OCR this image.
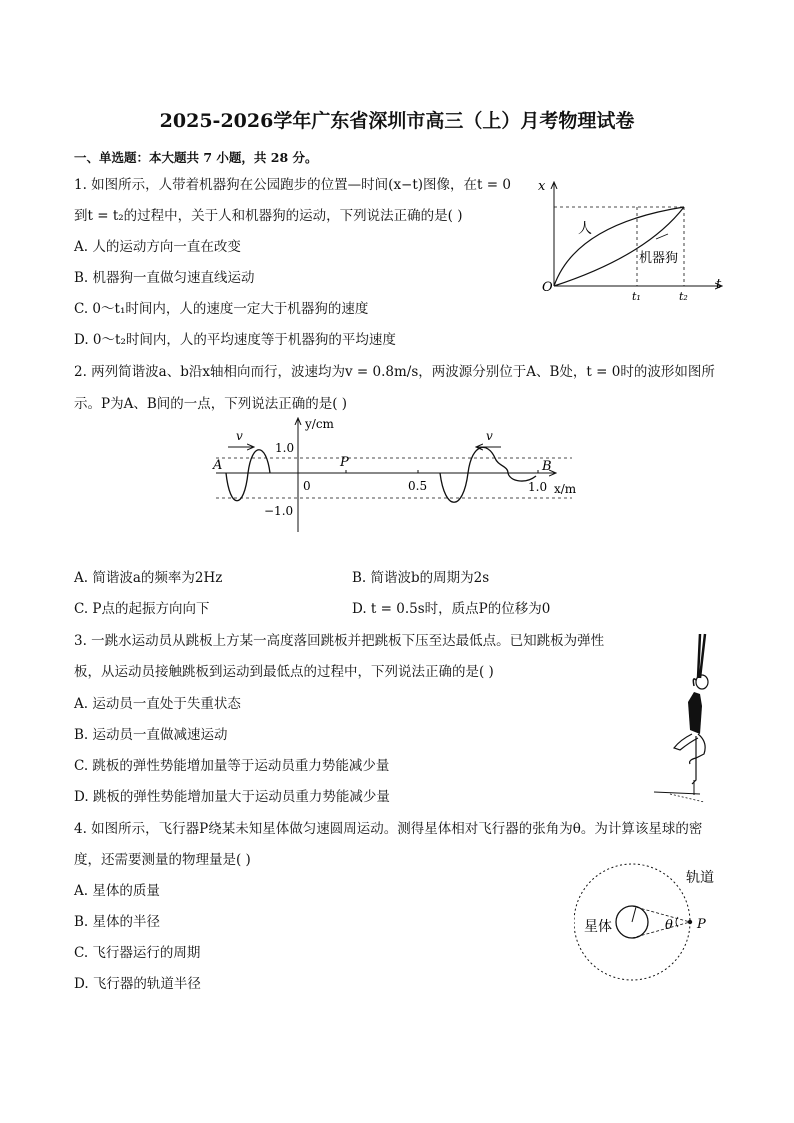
2025-2026学年广东省深圳市高三（上）月考物理试卷
一、单选题：本大题共 7 小题，共 28 分。
1. 如图所示，人带着机器狗在公园跑步的位置—时间(x−t)图像，在t = 0
到t = t₂的过程中，关于人和机器狗的运动，下列说法正确的是( )
A. 人的运动方向一直在改变
B. 机器狗一直做匀速直线运动
C. 0～t₁时间内，人的速度一定大于机器狗的速度
D. 0～t₂时间内，人的平均速度等于机器狗的平均速度
x
t
O
t₁	t₂
人
机器狗
2. 两列简谐波a、b沿x轴相向而行，波速均为v = 0.8m/s，两波源分别位于A、B处，t = 0时的波形如图所
示。P为A、B间的一点，下列说法正确的是( )
v	v
y/cm
1.0
−1.0
0	0.5	1.0 x/m
A	B
P
A. 简谐波a的频率为2Hz	B. 简谐波b的周期为2s
C. P点的起振方向向下	D. t = 0.5s时，质点P的位移为0
3. 一跳水运动员从跳板上方某一高度落回跳板并把跳板下压至达最低点。已知跳板为弹性
板，从运动员接触跳板到运动到最低点的过程中，下列说法正确的是( )
A. 运动员一直处于失重状态
B. 运动员一直做减速运动
C. 跳板的弹性势能增加量等于运动员重力势能减少量
D. 跳板的弹性势能增加量大于运动员重力势能减少量
4. 如图所示，飞行器P绕某未知星体做匀速圆周运动。测得星体相对飞行器的张角为θ。为计算该星球的密
度，还需要测量的物理量是( )
A. 星体的质量
B. 星体的半径
C. 飞行器运行的周期
D. 飞行器的轨道半径
轨道
星体	θ P
